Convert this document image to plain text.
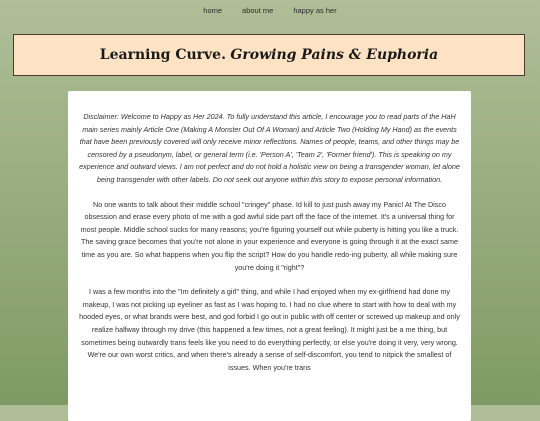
home	about me	happy as her
Learning Curve. Growing Pains & Euphoria

Disclaimer: Welcome to Happy as Her 2024. To fully understand this article, I encourage you to read parts of the HaH main series mainly Article One (Making A Monster Out Of A Woman) and Article Two (Holding My Hand) as the events that have been previously covered will only receive minor reflections. Names of people, teams, and other things may be censored by a pseudonym, label, or general term (i.e. 'Person A', 'Team 2', 'Former friend'). This is speaking on my experience and outward views. I am not perfect and do not hold a holistic view on being a transgender woman, let alone being transgender with other labels. Do not seek out anyone within this story to expose personal information.

No one wants to talk about their middle school "cringey" phase. Id kill to just push away my Panic! At The Disco obsession and erase every photo of me with a god awful side part off the face of the internet. It's a universal thing for most people. Middle school sucks for many reasons; you're figuring yourself out while puberty is hitting you like a truck. The saving grace becomes that you're not alone in your experience and everyone is going through it at the exact same time as you are. So what happens when you flip the script? How do you handle redo-ing puberty, all while making sure you're doing it "right"?

I was a few months into the "Im definitely a girl" thing, and while I had enjoyed when my ex-girlfriend had done my makeup, I was not picking up eyeliner as fast as I was hoping to. I had no clue where to start with how to deal with my hooded eyes, or what brands were best, and god forbid I go out in public with off center or screwed up makeup and only realize halfway through my drive (this happened a few times, not a great feeling). It might just be a me thing, but sometimes being outwardly trans feels like you need to do everything perfectly, or else you're doing it very, very wrong. We're our own worst critics, and when there's already a sense of self-discomfort, you tend to nitpick the smallest of issues. When you're trans
